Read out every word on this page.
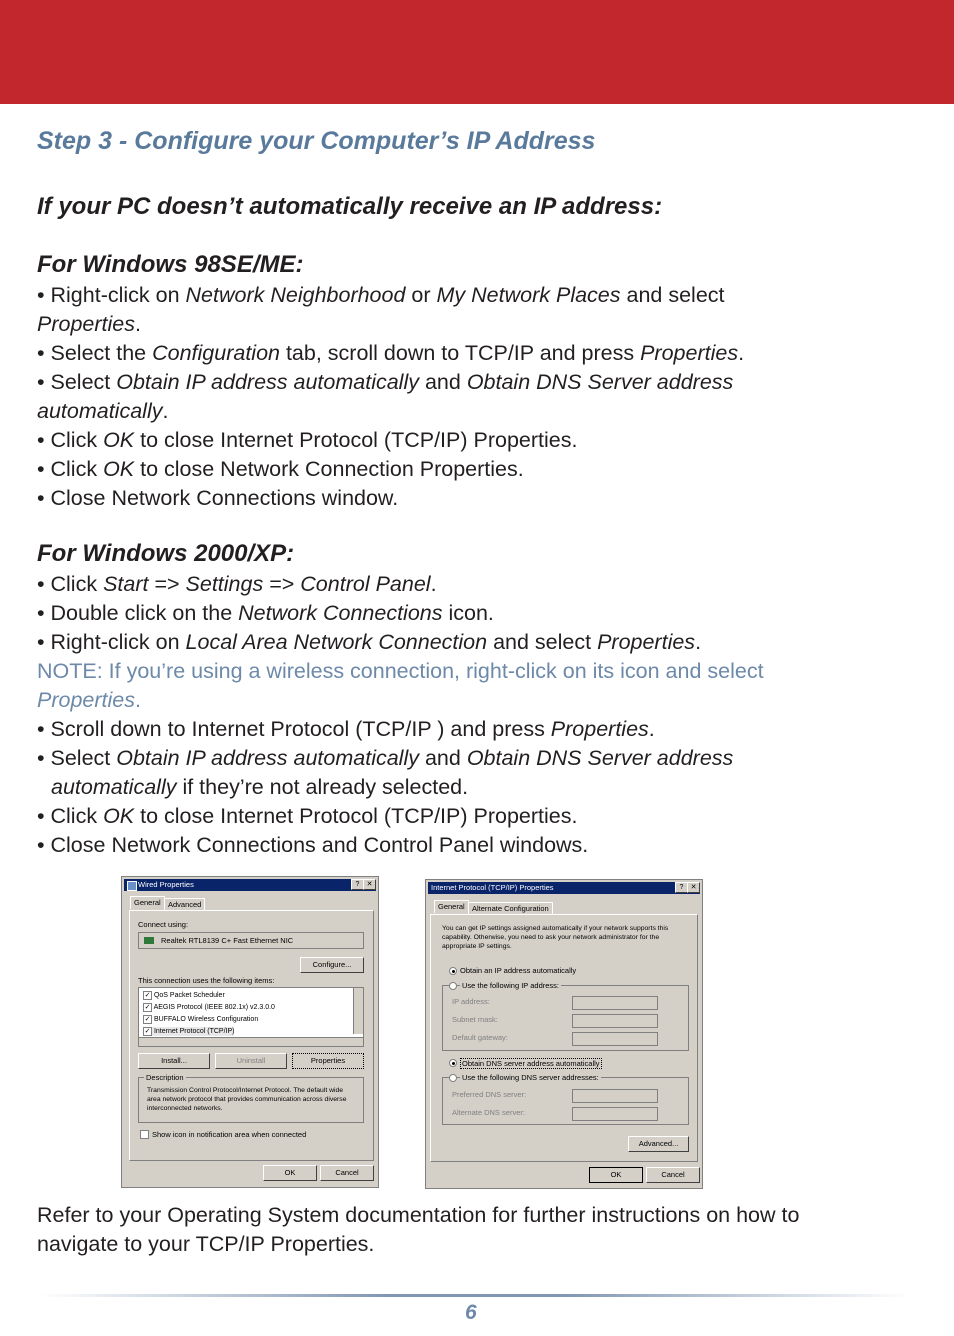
Step 3 - Configure your Computer’s IP Address
If your PC doesn’t automatically receive an IP address:
For Windows 98SE/ME:
• Right-click on Network Neighborhood or My Network Places and select
Properties.
• Select the Configuration tab, scroll down to TCP/IP and press Properties.
• Select Obtain IP address automatically and Obtain DNS Server address
automatically.
• Click OK to close Internet Protocol (TCP/IP) Properties.
• Click OK to close Network Connection Properties.
• Close Network Connections window.
For Windows 2000/XP:
• Click Start => Settings => Control Panel.
• Double click on the Network Connections icon.
• Right-click on Local Area Network Connection and select Properties.
NOTE: If you’re using a wireless connection, right-click on its icon and select
Properties.
• Scroll down to Internet Protocol (TCP/IP ) and press Properties.
• Select Obtain IP address automatically and Obtain DNS Server address
automatically if they’re not already selected.
• Click OK to close Internet Protocol (TCP/IP) Properties.
• Close Network Connections and Control Panel windows.
Wired Properties	?	✕
General Advanced
Connect using:
Realtek RTL8139 C+ Fast Ethernet NIC
Configure...
This connection uses the following items:
✓ QoS Packet Scheduler
✓ AEGIS Protocol (IEEE 802.1x) v2.3.0.0
✓ BUFFALO Wireless Configuration
✓ Internet Protocol (TCP/IP)
Install...	Uninstall	Properties
Description
Transmission Control Protocol/Internet Protocol. The default wide area network protocol that provides communication across diverse interconnected networks.
Show icon in notification area when connected
OK	Cancel
Internet Protocol (TCP/IP) Properties	?	✕
General Alternate Configuration
You can get IP settings assigned automatically if your network supports this capability. Otherwise, you need to ask your network administrator for the appropriate IP settings.
Obtain an IP address automatically
Use the following IP address:
IP address:
Subnet mask:
Default gateway:
Obtain DNS server address automatically
Use the following DNS server addresses:
Preferred DNS server:
Alternate DNS server:
Advanced...
OK	Cancel
Refer to your Operating System documentation for further instructions on how to
navigate to your TCP/IP Properties.
6
